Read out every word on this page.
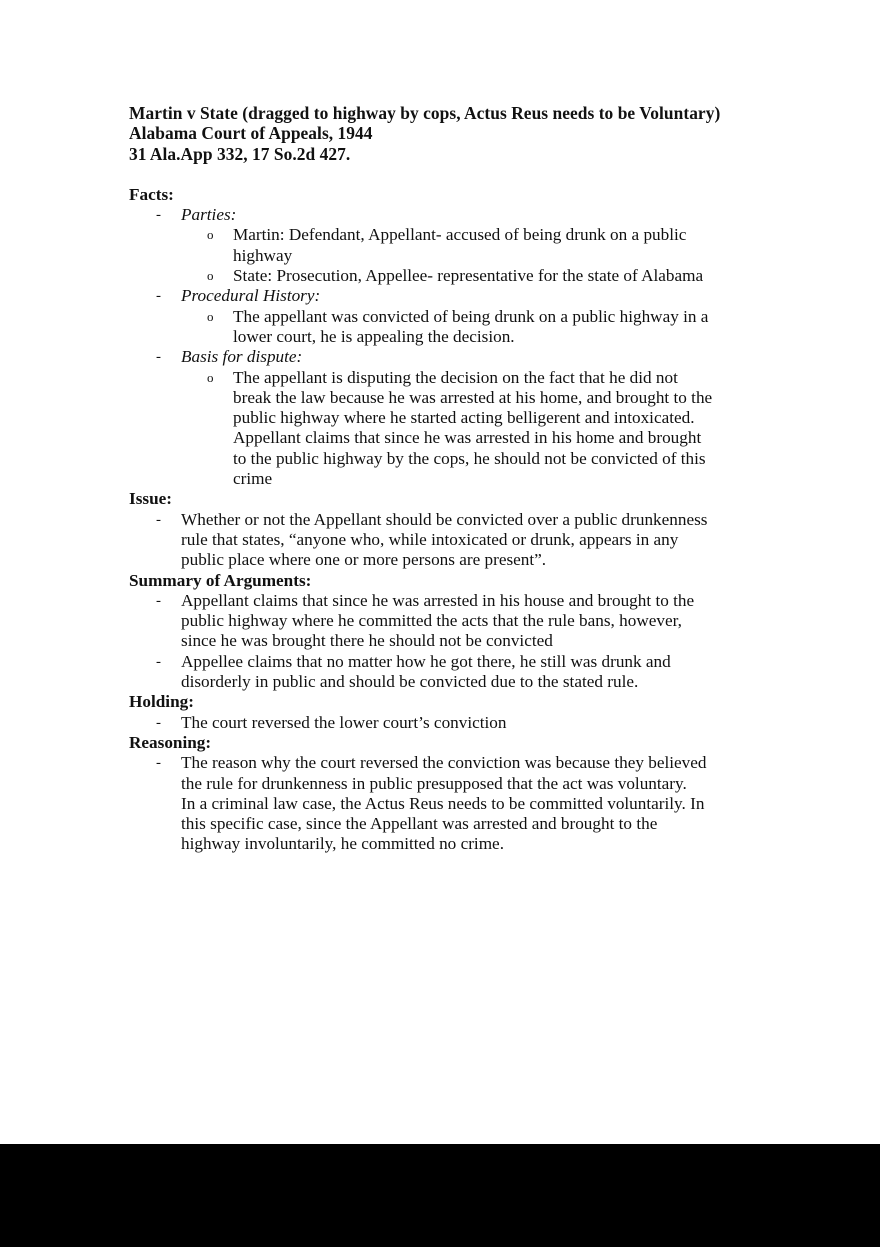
Martin v State (dragged to highway by cops, Actus Reus needs to be Voluntary)
Alabama Court of Appeals, 1944
31 Ala.App 332, 17 So.2d 427.
Facts:
- Parties:
o Martin: Defendant, Appellant- accused of being drunk on a public
highway
o State: Prosecution, Appellee- representative for the state of Alabama
- Procedural History:
o The appellant was convicted of being drunk on a public highway in a
lower court, he is appealing the decision.
- Basis for dispute:
o The appellant is disputing the decision on the fact that he did not
break the law because he was arrested at his home, and brought to the
public highway where he started acting belligerent and intoxicated.
Appellant claims that since he was arrested in his home and brought
to the public highway by the cops, he should not be convicted of this
crime
Issue:
- Whether or not the Appellant should be convicted over a public drunkenness
rule that states, “anyone who, while intoxicated or drunk, appears in any
public place where one or more persons are present”.
Summary of Arguments:
- Appellant claims that since he was arrested in his house and brought to the
public highway where he committed the acts that the rule bans, however,
since he was brought there he should not be convicted
- Appellee claims that no matter how he got there, he still was drunk and
disorderly in public and should be convicted due to the stated rule.
Holding:
- The court reversed the lower court’s conviction
Reasoning:
- The reason why the court reversed the conviction was because they believed
the rule for drunkenness in public presupposed that the act was voluntary.
In a criminal law case, the Actus Reus needs to be committed voluntarily. In
this specific case, since the Appellant was arrested and brought to the
highway involuntarily, he committed no crime.
